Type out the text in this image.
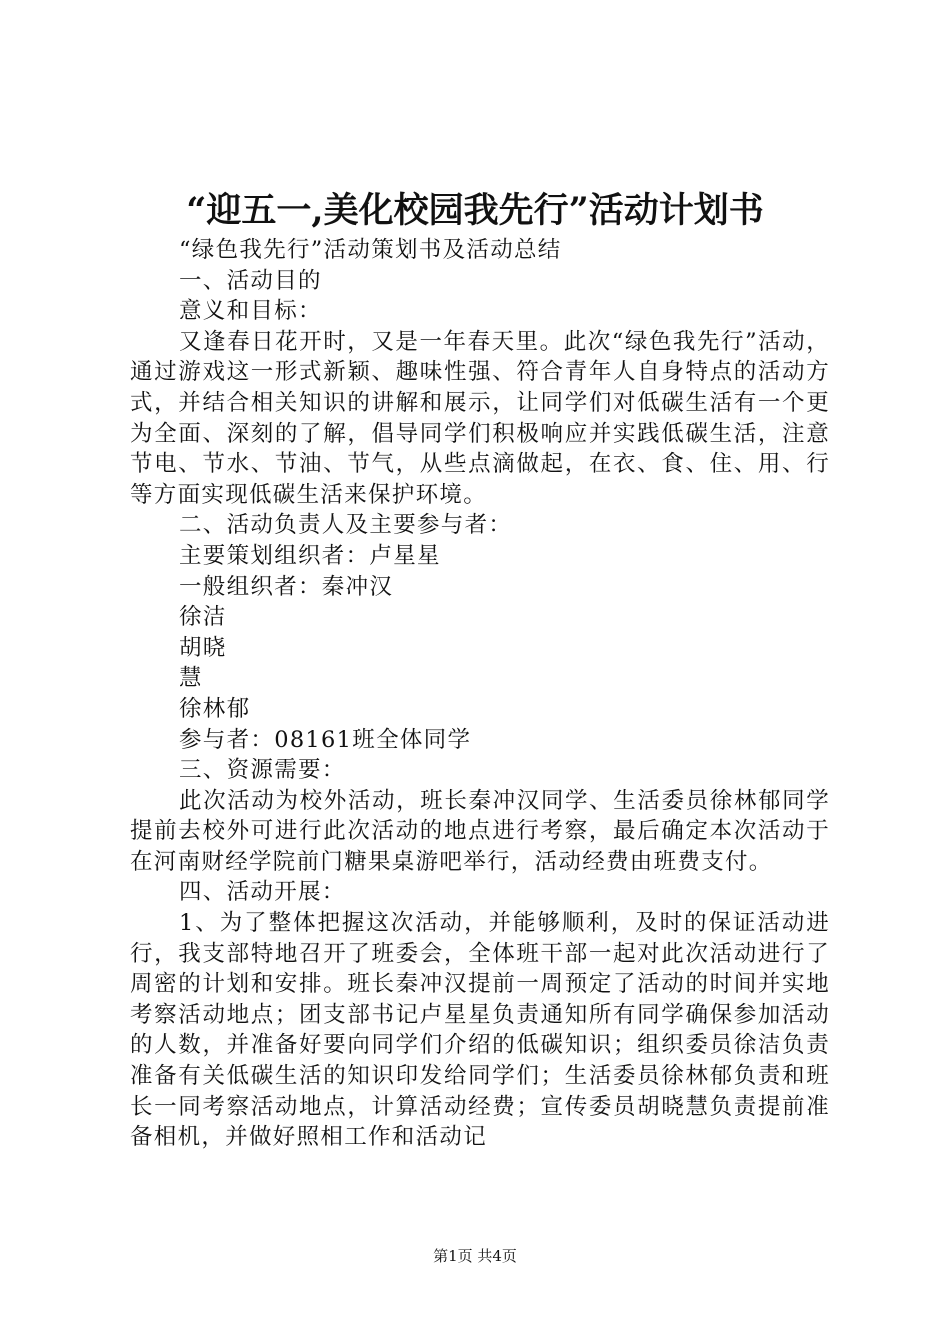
“迎五一,美化校园我先行”活动计划书

“绿色我先行”活动策划书及活动总结

一、活动目的

意义和目标：

又逢春日花开时，又是一年春天里。此次“绿色我先行”活动，通过游戏这一形式新颖、趣味性强、符合青年人自身特点的活动方式，并结合相关知识的讲解和展示，让同学们对低碳生活有一个更为全面、深刻的了解，倡导同学们积极响应并实践低碳生活，注意节电、节水、节油、节气，从些点滴做起，在衣、食、住、用、行等方面实现低碳生活来保护环境。

二、活动负责人及主要参与者：

主要策划组织者：卢星星

一般组织者：秦冲汉

徐洁

胡晓

慧

徐林郁

参与者：08161班全体同学

三、资源需要：

此次活动为校外活动，班长秦冲汉同学、生活委员徐林郁同学提前去校外可进行此次活动的地点进行考察，最后确定本次活动于在河南财经学院前门糖果桌游吧举行，活动经费由班费支付。

四、活动开展：

1、为了整体把握这次活动，并能够顺利，及时的保证活动进行，我支部特地召开了班委会，全体班干部一起对此次活动进行了周密的计划和安排。班长秦冲汉提前一周预定了活动的时间并实地考察活动地点；团支部书记卢星星负责通知所有同学确保参加活动的人数，并准备好要向同学们介绍的低碳知识；组织委员徐洁负责准备有关低碳生活的知识印发给同学们；生活委员徐林郁负责和班长一同考察活动地点，计算活动经费；宣传委员胡晓慧负责提前准备相机，并做好照相工作和活动记

第1页 共4页
